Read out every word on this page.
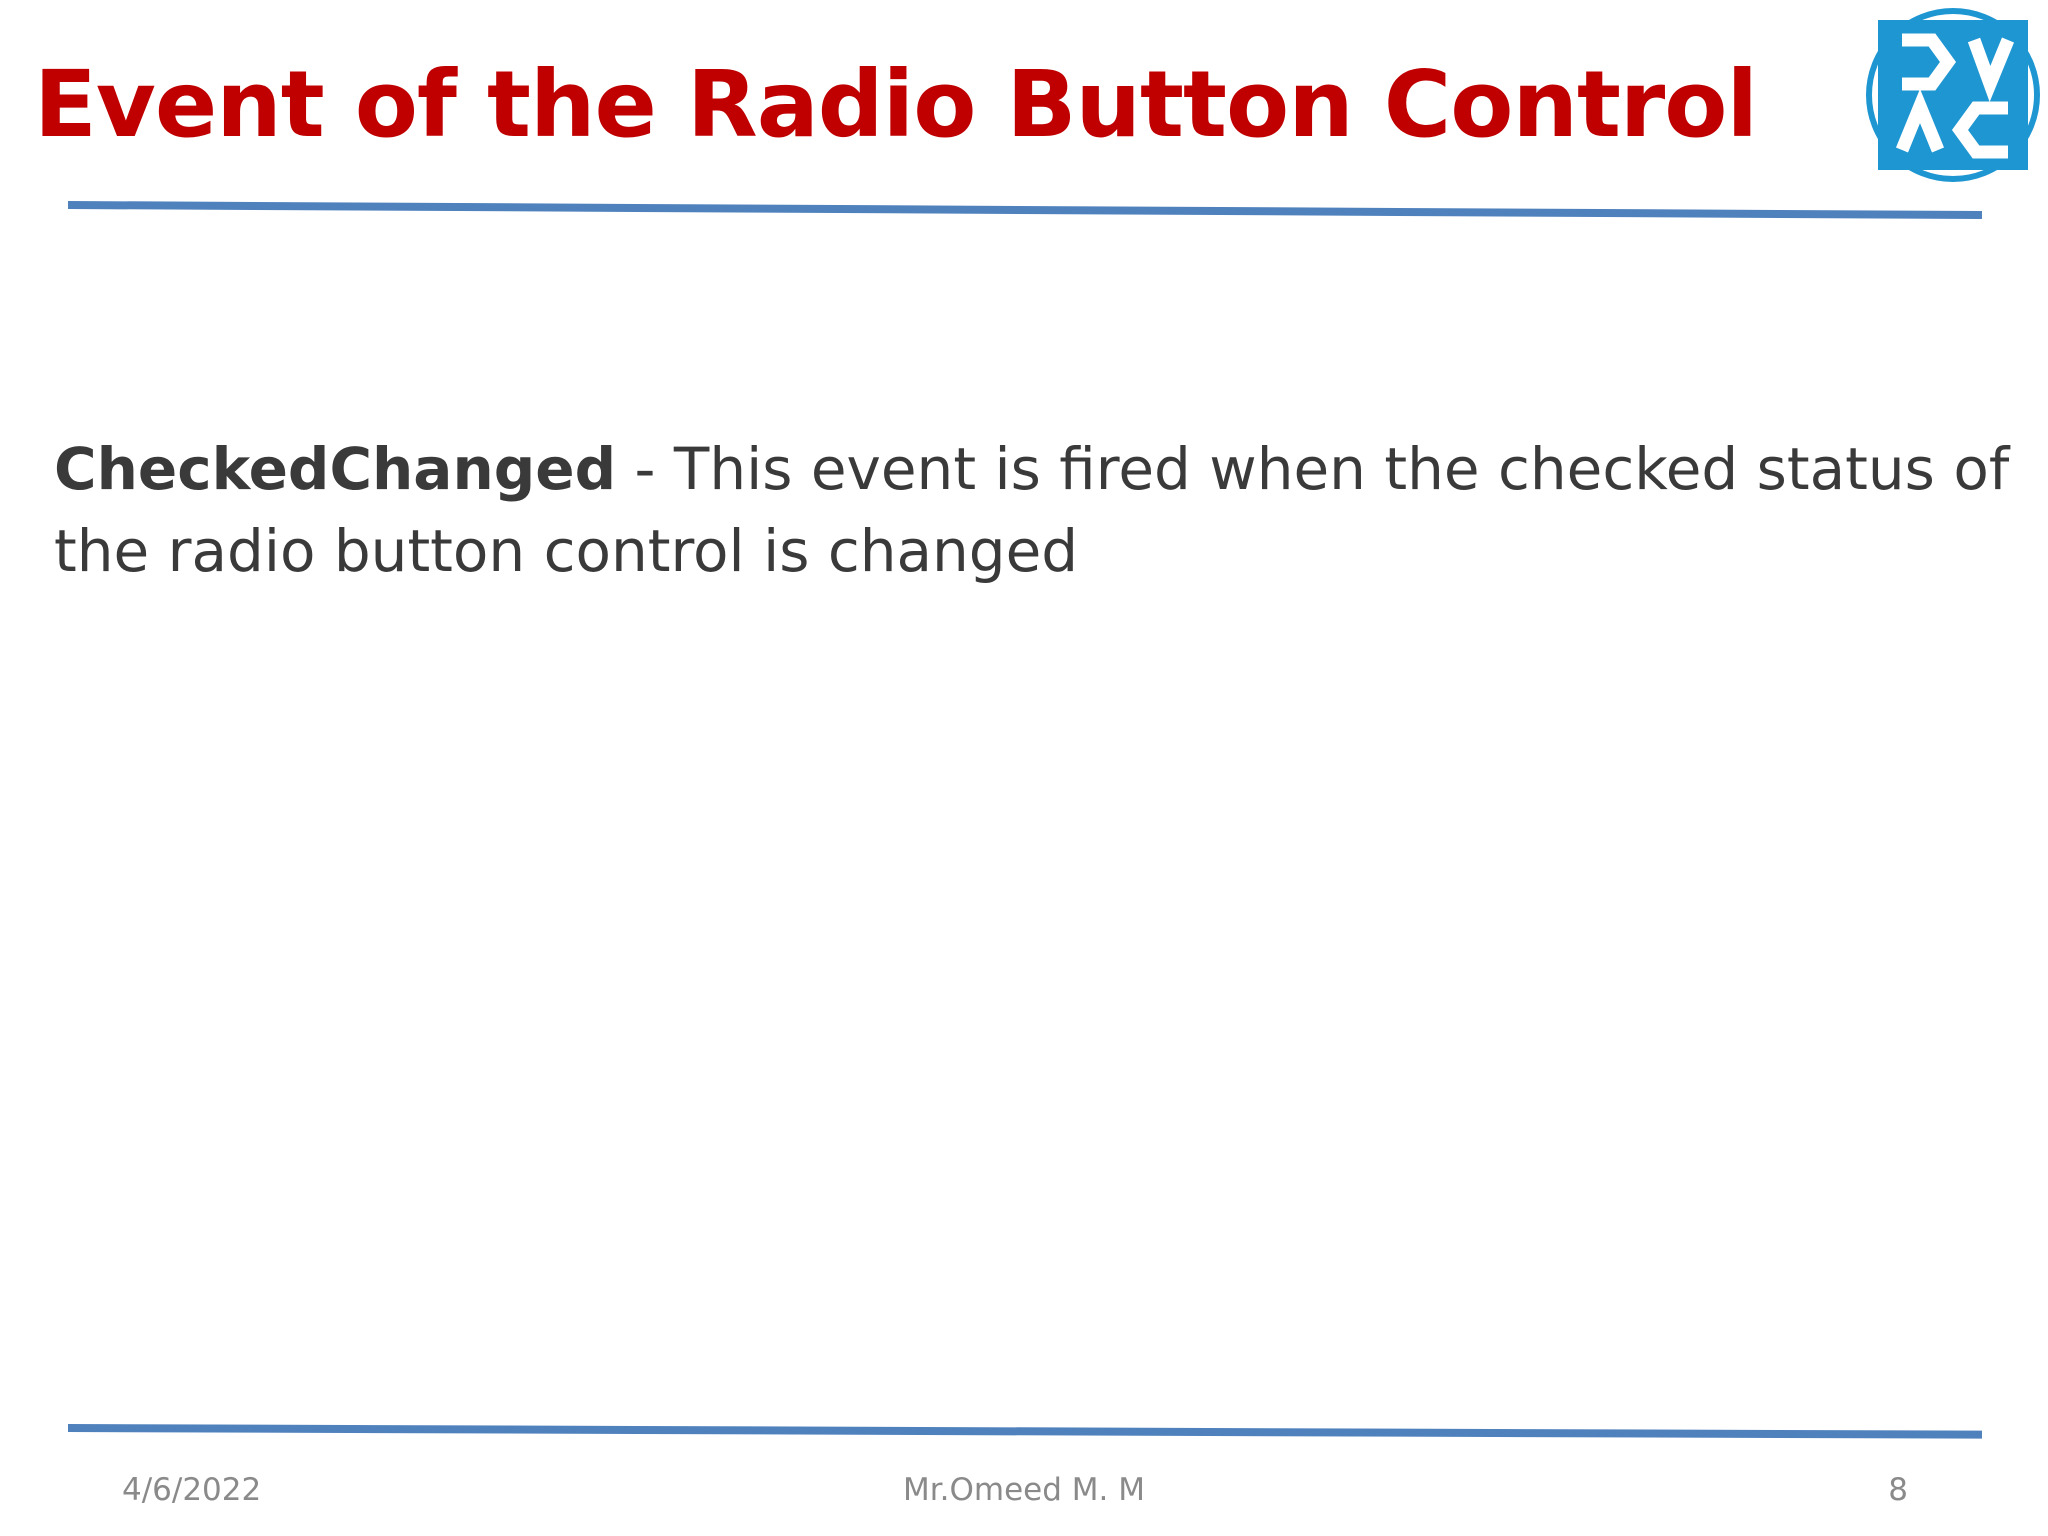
Event of the Radio Button Control

CheckedChanged - This event is fired when the checked status of the radio button control is changed

4/6/2022	Mr.Omeed M. M	8
